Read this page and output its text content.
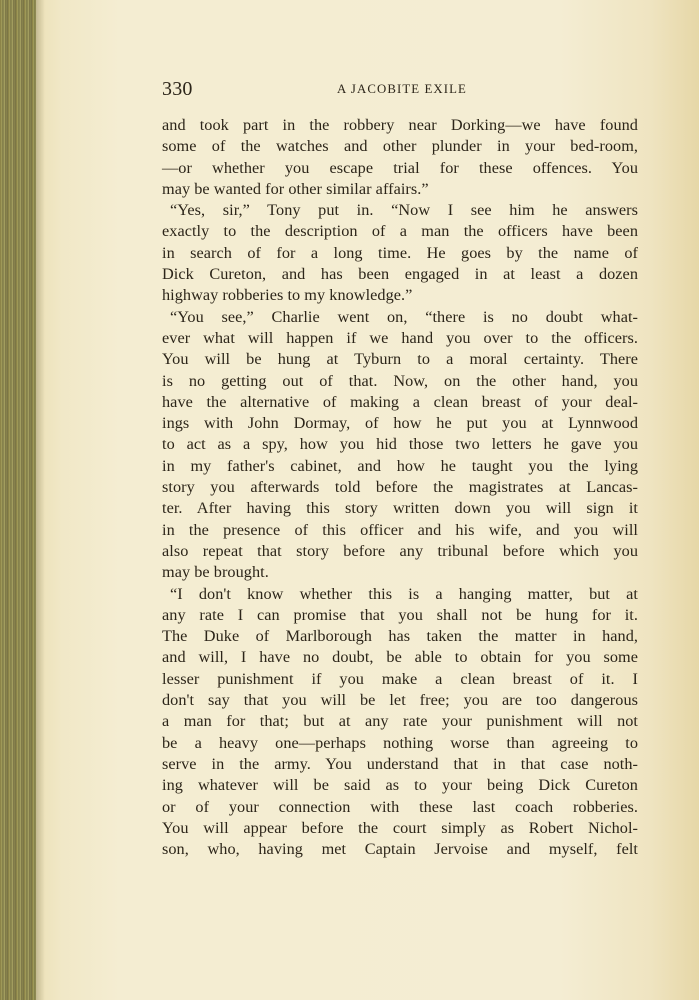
330	A JACOBITE EXILE
and took part in the robbery near Dorking—we have found
some of the watches and other plunder in your bed-room,
—or whether you escape trial for these offences. You
may be wanted for other similar affairs.”
“Yes, sir,” Tony put in. “Now I see him he answers
exactly to the description of a man the officers have been
in search of for a long time. He goes by the name of
Dick Cureton, and has been engaged in at least a dozen
highway robberies to my knowledge.”
“You see,” Charlie went on, “there is no doubt what-
ever what will happen if we hand you over to the officers.
You will be hung at Tyburn to a moral certainty. There
is no getting out of that. Now, on the other hand, you
have the alternative of making a clean breast of your deal-
ings with John Dormay, of how he put you at Lynnwood
to act as a spy, how you hid those two letters he gave you
in my father's cabinet, and how he taught you the lying
story you afterwards told before the magistrates at Lancas-
ter. After having this story written down you will sign it
in the presence of this officer and his wife, and you will
also repeat that story before any tribunal before which you
may be brought.
“I don't know whether this is a hanging matter, but at
any rate I can promise that you shall not be hung for it.
The Duke of Marlborough has taken the matter in hand,
and will, I have no doubt, be able to obtain for you some
lesser punishment if you make a clean breast of it. I
don't say that you will be let free; you are too dangerous
a man for that; but at any rate your punishment will not
be a heavy one—perhaps nothing worse than agreeing to
serve in the army. You understand that in that case noth-
ing whatever will be said as to your being Dick Cureton
or of your connection with these last coach robberies.
You will appear before the court simply as Robert Nichol-
son, who, having met Captain Jervoise and myself, felt
